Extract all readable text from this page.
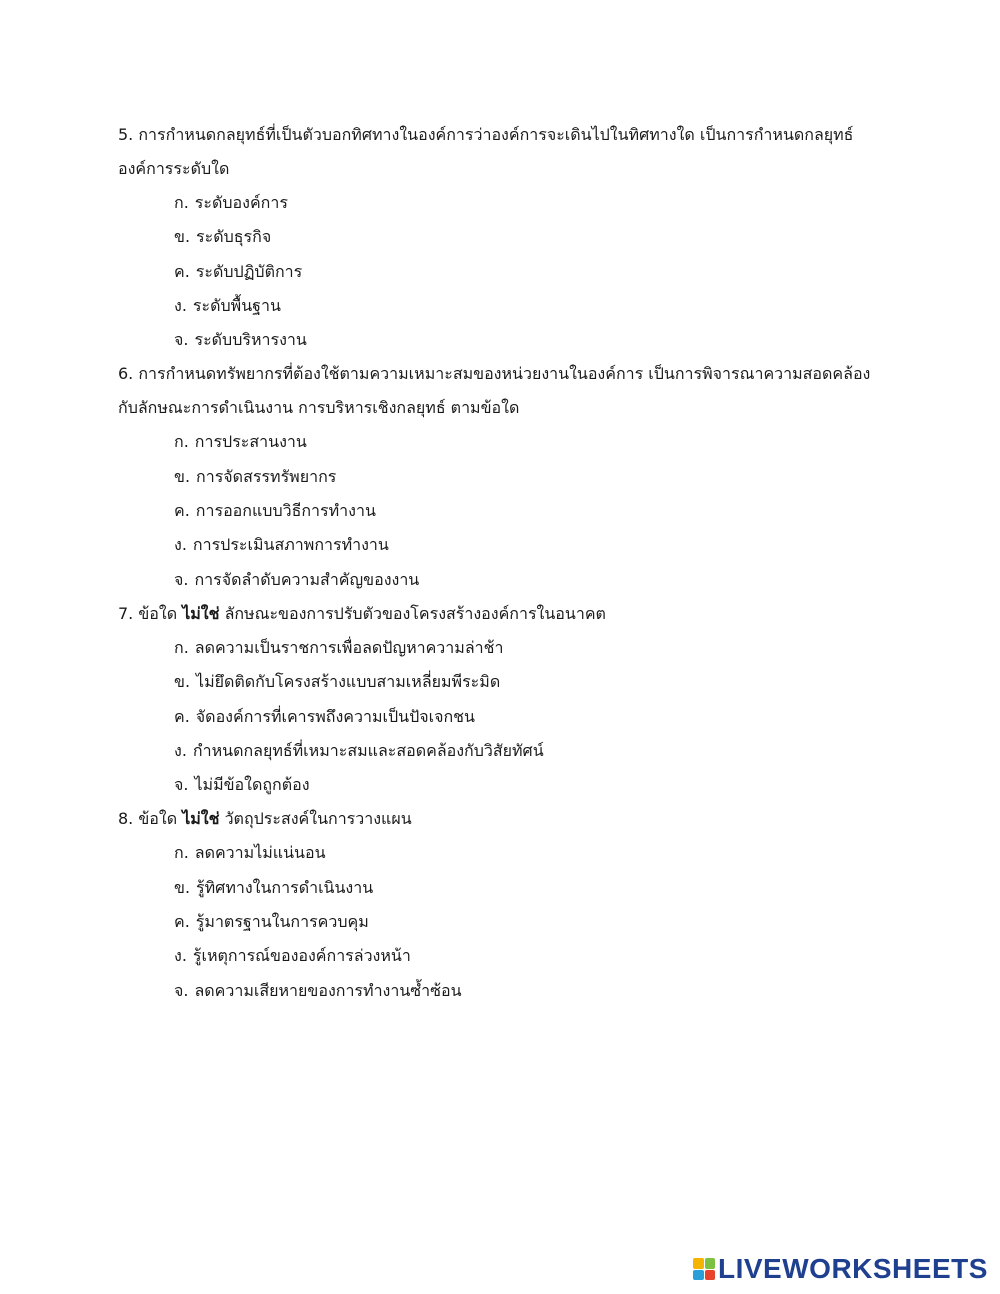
5. การกำหนดกลยุทธ์ที่เป็นตัวบอกทิศทางในองค์การว่าองค์การจะเดินไปในทิศทางใด เป็นการกำหนดกลยุทธ์องค์การระดับใด

ก. ระดับองค์การ
ข. ระดับธุรกิจ
ค. ระดับปฏิบัติการ
ง. ระดับพื้นฐาน
จ. ระดับบริหารงาน

6. การกำหนดทรัพยากรที่ต้องใช้ตามความเหมาะสมของหน่วยงานในองค์การ เป็นการพิจารณาความสอดคล้องกับลักษณะการดำเนินงาน การบริหารเชิงกลยุทธ์ ตามข้อใด

ก. การประสานงาน
ข. การจัดสรรทรัพยากร
ค. การออกแบบวิธีการทำงาน
ง. การประเมินสภาพการทำงาน
จ. การจัดลำดับความสำคัญของงาน

7. ข้อใด ไม่ใช่ ลักษณะของการปรับตัวของโครงสร้างองค์การในอนาคต

ก. ลดความเป็นราชการเพื่อลดปัญหาความล่าช้า
ข. ไม่ยึดติดกับโครงสร้างแบบสามเหลี่ยมพีระมิด
ค. จัดองค์การที่เคารพถึงความเป็นปัจเจกชน
ง. กำหนดกลยุทธ์ที่เหมาะสมและสอดคล้องกับวิสัยทัศน์
จ. ไม่มีข้อใดถูกต้อง

8. ข้อใด ไม่ใช่ วัตถุประสงค์ในการวางแผน

ก. ลดความไม่แน่นอน
ข. รู้ทิศทางในการดำเนินงาน
ค. รู้มาตรฐานในการควบคุม
ง. รู้เหตุการณ์ขององค์การล่วงหน้า
จ. ลดความเสียหายของการทำงานซ้ำซ้อน
LIVEWORKSHEETS
